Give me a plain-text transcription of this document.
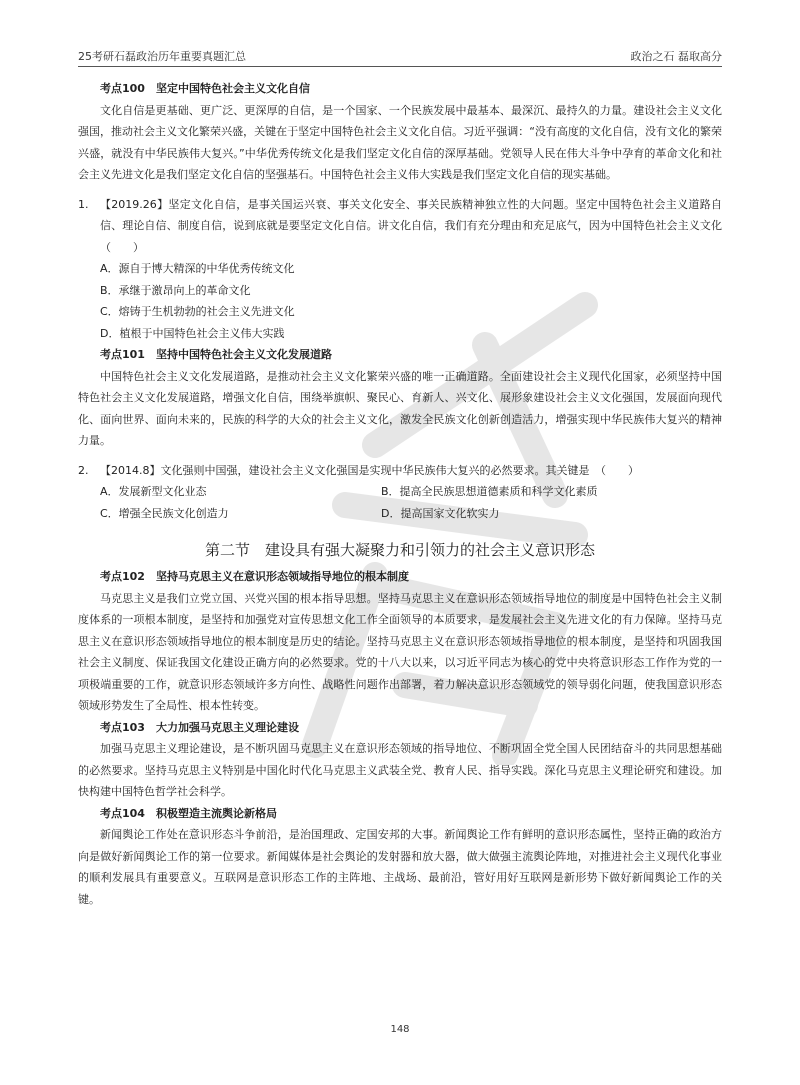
25考研石磊政治历年重要真题汇总	政治之石 磊取高分
考点100　坚定中国特色社会主义文化自信

文化自信是更基础、更广泛、更深厚的自信，是一个国家、一个民族发展中最基本、最深沉、最持久的力量。建设社会主义文化强国，推动社会主义文化繁荣兴盛，关键在于坚定中国特色社会主义文化自信。习近平强调：“没有高度的文化自信，没有文化的繁荣兴盛，就没有中华民族伟大复兴。”中华优秀传统文化是我们坚定文化自信的深厚基础。党领导人民在伟大斗争中孕育的革命文化和社会主义先进文化是我们坚定文化自信的坚强基石。中国特色社会主义伟大实践是我们坚定文化自信的现实基础。

1. 【2019.26】坚定文化自信，是事关国运兴衰、事关文化安全、事关民族精神独立性的大问题。坚定中国特色社会主义道路自信、理论自信、制度自信，说到底就是要坚定文化自信。讲文化自信，我们有充分理由和充足底气，因为中国特色社会主义文化（　　）
A．源自于博大精深的中华优秀传统文化
B．承继于激昂向上的革命文化
C．熔铸于生机勃勃的社会主义先进文化
D．植根于中国特色社会主义伟大实践
考点101　坚持中国特色社会主义文化发展道路

中国特色社会主义文化发展道路，是推动社会主义文化繁荣兴盛的唯一正确道路。全面建设社会主义现代化国家，必须坚持中国特色社会主义文化发展道路，增强文化自信，围绕举旗帜、聚民心、育新人、兴文化、展形象建设社会主义文化强国，发展面向现代化、面向世界、面向未来的，民族的科学的大众的社会主义文化，激发全民族文化创新创造活力，增强实现中华民族伟大复兴的精神力量。

2. 【2014.8】文化强则中国强，建设社会主义文化强国是实现中华民族伟大复兴的必然要求。其关键是　（　　）
A．发展新型文化业态	B．提高全民族思想道德素质和科学文化素质
C．增强全民族文化创造力	D．提高国家文化软实力
第二节　建设具有强大凝聚力和引领力的社会主义意识形态
考点102　坚持马克思主义在意识形态领域指导地位的根本制度

马克思主义是我们立党立国、兴党兴国的根本指导思想。坚持马克思主义在意识形态领域指导地位的制度是中国特色社会主义制度体系的一项根本制度，是坚持和加强党对宣传思想文化工作全面领导的本质要求，是发展社会主义先进文化的有力保障。坚持马克思主义在意识形态领域指导地位的根本制度是历史的结论。坚持马克思主义在意识形态领域指导地位的根本制度，是坚持和巩固我国社会主义制度、保证我国文化建设正确方向的必然要求。党的十八大以来，以习近平同志为核心的党中央将意识形态工作作为党的一项极端重要的工作，就意识形态领域许多方向性、战略性问题作出部署，着力解决意识形态领域党的领导弱化问题，使我国意识形态领域形势发生了全局性、根本性转变。

考点103　大力加强马克思主义理论建设

加强马克思主义理论建设，是不断巩固马克思主义在意识形态领域的指导地位、不断巩固全党全国人民团结奋斗的共同思想基础的必然要求。坚持马克思主义特别是中国化时代化马克思主义武装全党、教育人民、指导实践。深化马克思主义理论研究和建设。加快构建中国特色哲学社会科学。

考点104　积极塑造主流舆论新格局

新闻舆论工作处在意识形态斗争前沿，是治国理政、定国安邦的大事。新闻舆论工作有鲜明的意识形态属性，坚持正确的政治方向是做好新闻舆论工作的第一位要求。新闻媒体是社会舆论的发射器和放大器，做大做强主流舆论阵地，对推进社会主义现代化事业的顺利发展具有重要意义。互联网是意识形态工作的主阵地、主战场、最前沿，管好用好互联网是新形势下做好新闻舆论工作的关键。

148
